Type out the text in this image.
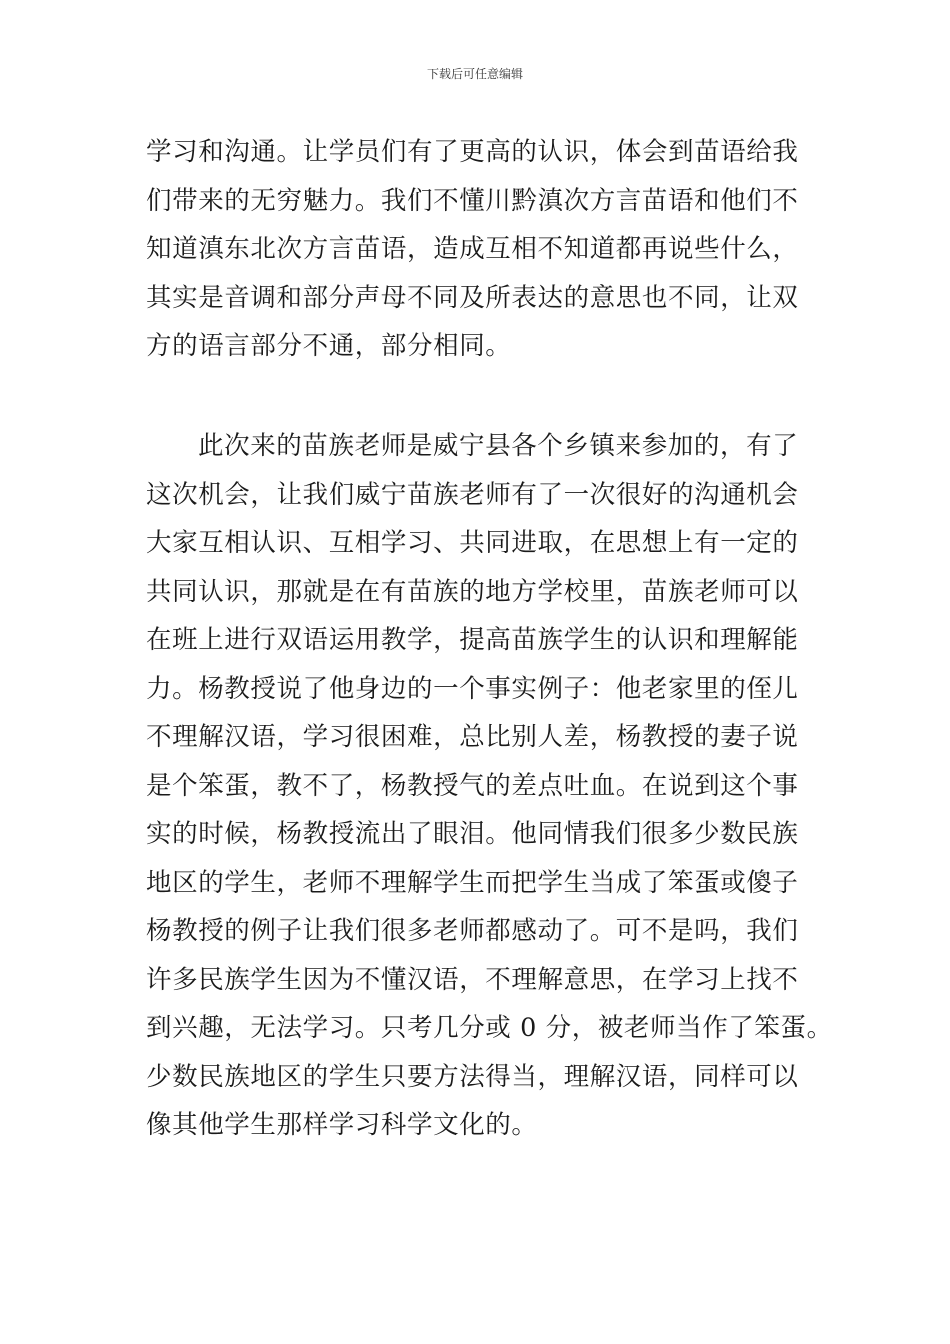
下载后可任意编辑

学习和沟通。让学员们有了更高的认识，体会到苗语给我
们带来的无穷魅力。我们不懂川黔滇次方言苗语和他们不
知道滇东北次方言苗语，造成互相不知道都再说些什么，
其实是音调和部分声母不同及所表达的意思也不同，让双
方的语言部分不通，部分相同。

此次来的苗族老师是威宁县各个乡镇来参加的，有了
这次机会，让我们威宁苗族老师有了一次很好的沟通机会
大家互相认识、互相学习、共同进取，在思想上有一定的
共同认识，那就是在有苗族的地方学校里，苗族老师可以
在班上进行双语运用教学，提高苗族学生的认识和理解能
力。杨教授说了他身边的一个事实例子：他老家里的侄儿
不理解汉语，学习很困难，总比别人差，杨教授的妻子说
是个笨蛋，教不了，杨教授气的差点吐血。在说到这个事
实的时候，杨教授流出了眼泪。他同情我们很多少数民族
地区的学生，老师不理解学生而把学生当成了笨蛋或傻子
杨教授的例子让我们很多老师都感动了。可不是吗，我们
许多民族学生因为不懂汉语，不理解意思，在学习上找不
到兴趣，无法学习。只考几分或 0 分，被老师当作了笨蛋。
少数民族地区的学生只要方法得当，理解汉语，同样可以
像其他学生那样学习科学文化的。
